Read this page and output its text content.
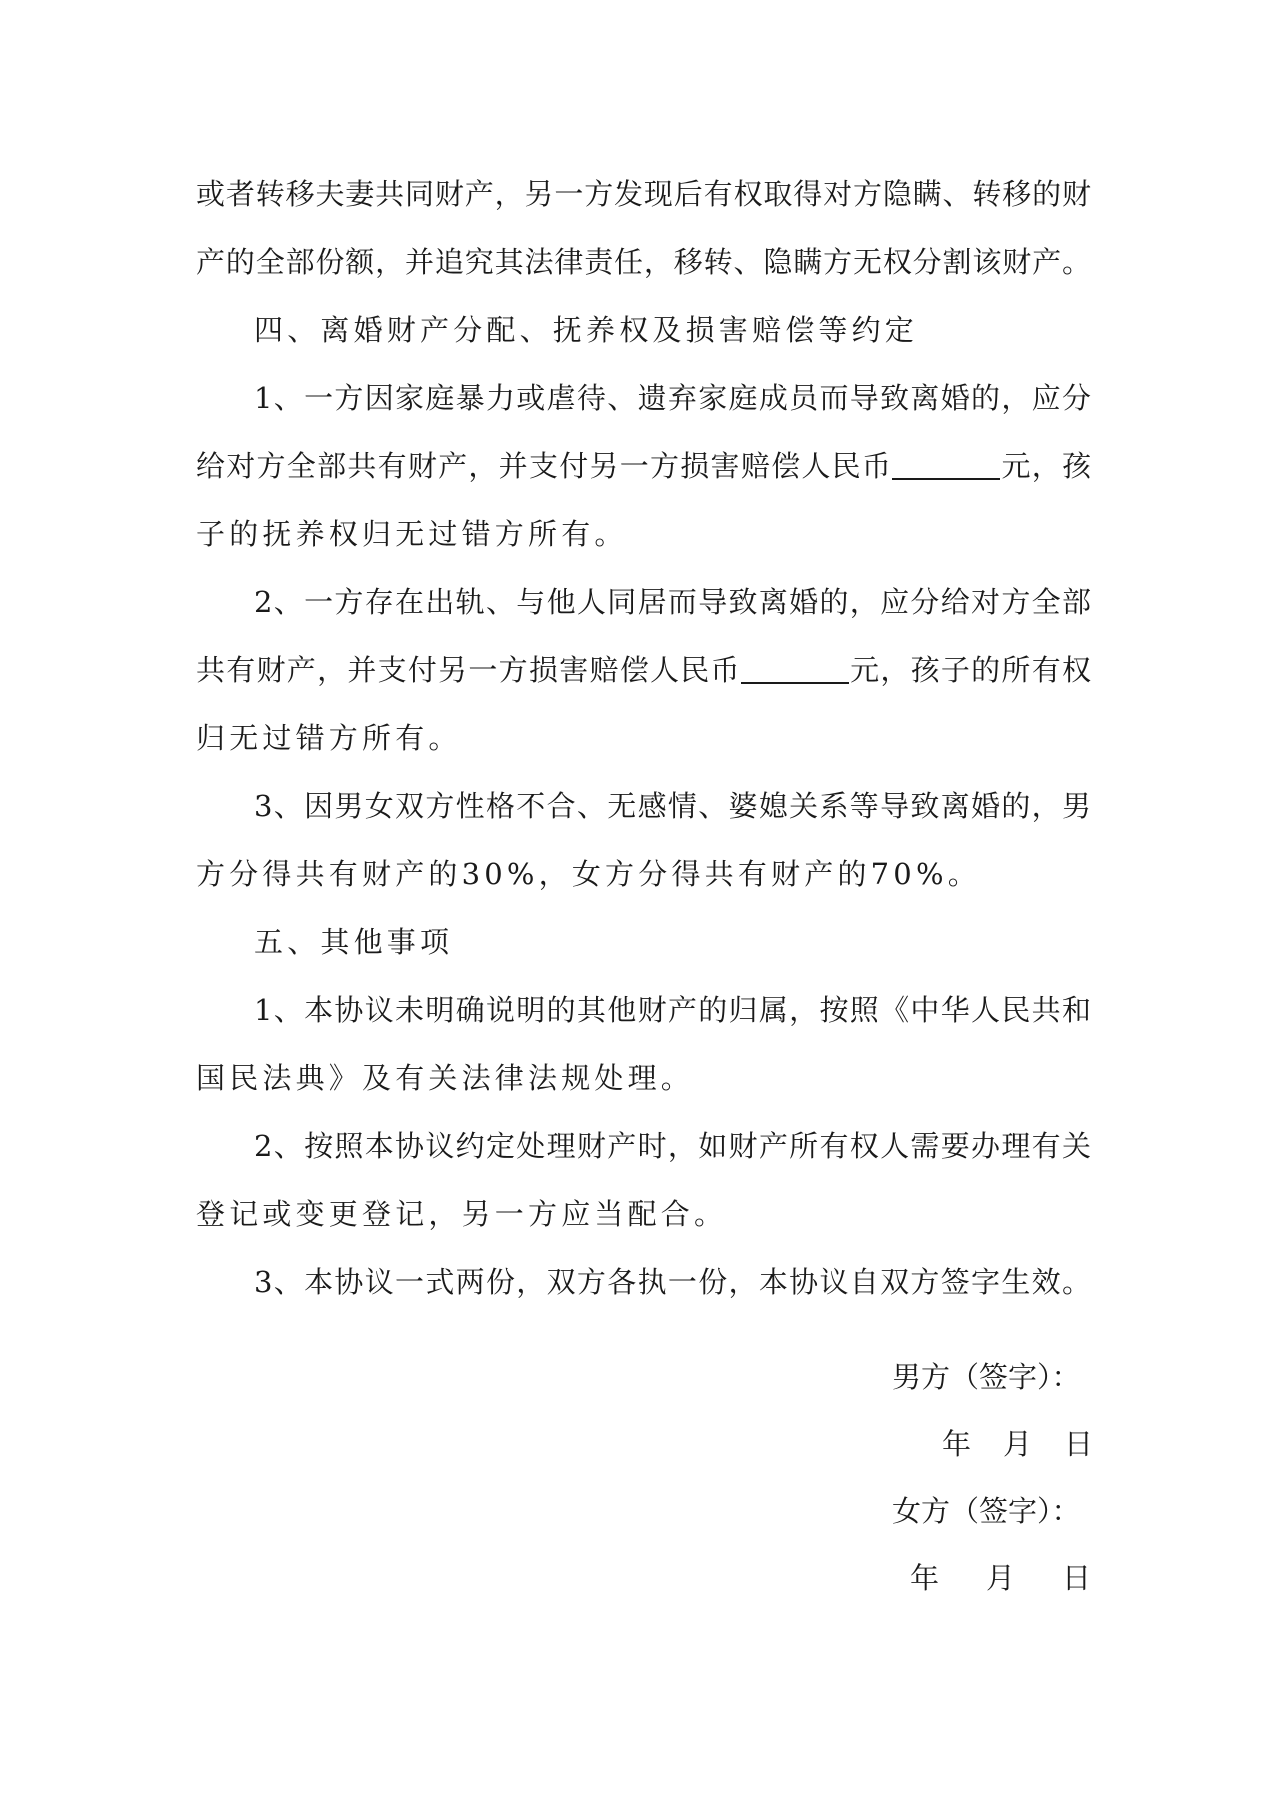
或者转移夫妻共同财产，另一方发现后有权取得对方隐瞒、转移的财
产的全部份额，并追究其法律责任，移转、隐瞒方无权分割该财产。
四、离婚财产分配、抚养权及损害赔偿等约定
1、一方因家庭暴力或虐待、遗弃家庭成员而导致离婚的，应分
给对方全部共有财产，并支付另一方损害赔偿人民币	元，孩
子的抚养权归无过错方所有。
2、一方存在出轨、与他人同居而导致离婚的，应分给对方全部
共有财产，并支付另一方损害赔偿人民币	元，孩子的所有权
归无过错方所有。
3、因男女双方性格不合、无感情、婆媳关系等导致离婚的，男
方分得共有财产的30%，女方分得共有财产的70%。
五、其他事项
1、本协议未明确说明的其他财产的归属，按照《中华人民共和
国民法典》及有关法律法规处理。
2、按照本协议约定处理财产时，如财产所有权人需要办理有关
登记或变更登记，另一方应当配合。
3、本协议一式两份，双方各执一份，本协议自双方签字生效。
男方（签字）：
年 月 日
女方（签字）：
年 月 日
